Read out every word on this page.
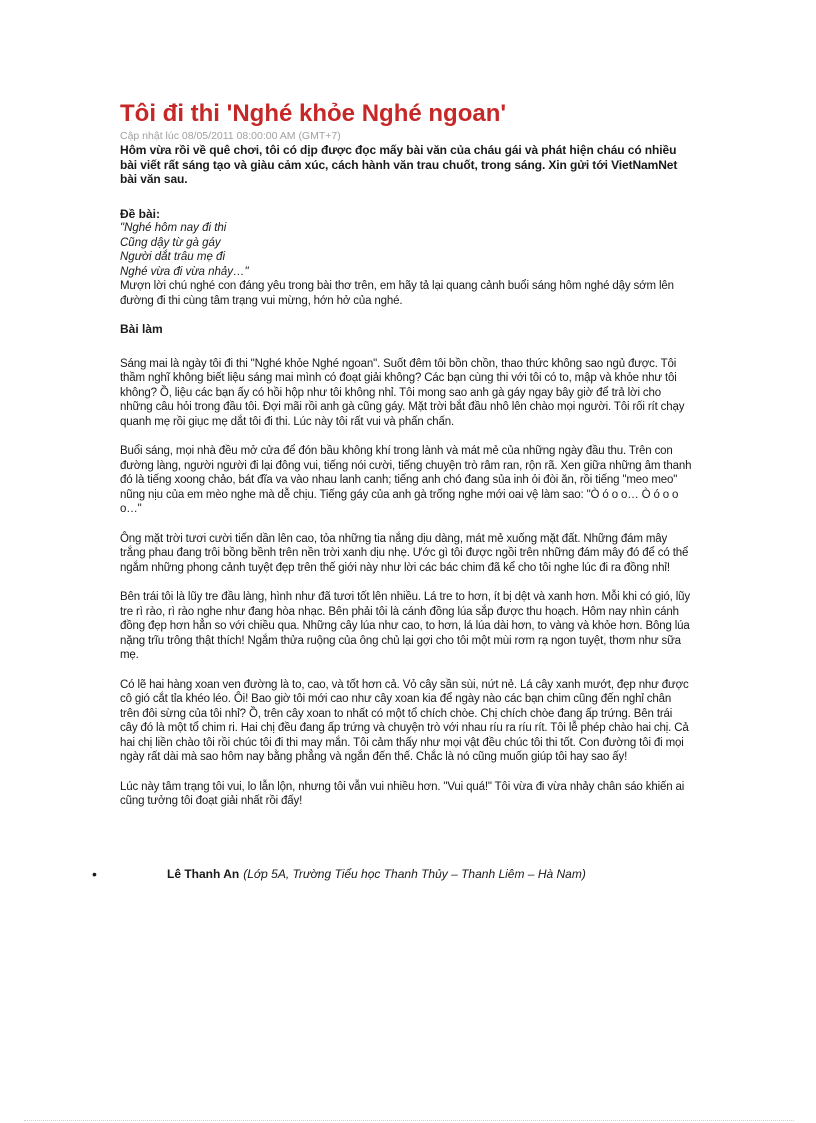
Tôi đi thi 'Nghé khỏe Nghé ngoan'

Cập nhật lúc 08/05/2011 08:00:00 AM (GMT+7)

Hôm vừa rồi về quê chơi, tôi có dịp được đọc mấy bài văn của cháu gái và phát hiện cháu có nhiều bài viết rất sáng tạo và giàu cảm xúc, cách hành văn trau chuốt, trong sáng. Xin gửi tới VietNamNet bài văn sau.

Đề bài:

"Nghé hôm nay đi thi

Cũng dậy từ gà gáy

Người dắt trâu mẹ đi

Nghé vừa đi vừa nhảy…"

Mượn lời chú nghé con đáng yêu trong bài thơ trên, em hãy tả lại quang cảnh buổi sáng hôm nghé dậy sớm lên đường đi thi cùng tâm trạng vui mừng, hớn hở của nghé.

Bài làm

Sáng mai là ngày tôi đi thi "Nghé khỏe Nghé ngoan". Suốt đêm tôi bồn chồn, thao thức không sao ngủ được. Tôi thầm nghĩ không biết liệu sáng mai mình có đoạt giải không? Các bạn cùng thi với tôi có to, mập và khỏe như tôi không? Ồ, liệu các bạn ấy có hồi hộp như tôi không nhỉ. Tôi mong sao anh gà gáy ngay bây giờ để trả lời cho những câu hỏi trong đầu tôi. Đợi mãi rồi anh gà cũng gáy. Mặt trời bắt đầu nhô lên chào mọi người. Tôi rối rít chạy quanh mẹ rồi giục mẹ dắt tôi đi thi. Lúc này tôi rất vui và phấn chấn.

Buổi sáng, mọi nhà đều mở cửa để đón bầu không khí trong lành và mát mẻ của những ngày đầu thu. Trên con đường làng, người người đi lại đông vui, tiếng nói cười, tiếng chuyện trò râm ran, rộn rã. Xen giữa những âm thanh đó là tiếng xoong chảo, bát đĩa va vào nhau lanh canh; tiếng anh chó đang sủa inh ỏi đòi ăn, rồi tiếng "meo meo" nũng nịu của em mèo nghe mà dễ chịu. Tiếng gáy của anh gà trống nghe mới oai vệ làm sao: "Ò ó o o… Ò ó o o o…"

Ông mặt trời tươi cười tiến dần lên cao, tỏa những tia nắng dịu dàng, mát mẻ xuống mặt đất. Những đám mây trắng phau đang trôi bồng bềnh trên nền trời xanh dịu nhẹ. Ước gì tôi được ngồi trên những đám mây đó để có thể ngắm những phong cảnh tuyệt đẹp trên thế giới này như lời các bác chim đã kể cho tôi nghe lúc đi ra đồng nhỉ!

Bên trái tôi là lũy tre đầu làng, hình như đã tươi tốt lên nhiều. Lá tre to hơn, ít bị dệt và xanh hơn. Mỗi khi có gió, lũy tre rì rào, rì rào nghe như đang hòa nhạc. Bên phải tôi là cánh đồng lúa sắp được thu hoạch. Hôm nay nhìn cánh đồng đẹp hơn hẳn so với chiều qua. Những cây lúa như cao, to hơn, lá lúa dài hơn, to vàng và khỏe hơn. Bông lúa nặng trĩu trông thật thích! Ngắm thửa ruộng của ông chủ lại gợi cho tôi một mùi rơm rạ ngon tuyệt, thơm như sữa mẹ.

Có lẽ hai hàng xoan ven đường là to, cao, và tốt hơn cả. Vỏ cây sần sùi, nứt nẻ. Lá cây xanh mướt, đẹp như được cô gió cắt tỉa khéo léo. Ôi! Bao giờ tôi mới cao như cây xoan kia để ngày nào các bạn chim cũng đến nghỉ chân trên đôi sừng của tôi nhỉ? Ồ, trên cây xoan to nhất có một tổ chích chòe. Chị chích chòe đang ấp trứng. Bên trái cây đó là một tổ chim ri. Hai chị đều đang ấp trứng và chuyện trò với nhau ríu ra ríu rít. Tôi lễ phép chào hai chị. Cả hai chị liền chào tôi rồi chúc tôi đi thi may mắn. Tôi cảm thấy như mọi vật đều chúc tôi thi tốt. Con đường tôi đi mọi ngày rất dài mà sao hôm nay bằng phẳng và ngắn đến thế. Chắc là nó cũng muốn giúp tôi hay sao ấy!

Lúc này tâm trạng tôi vui, lo lẫn lộn, nhưng tôi vẫn vui nhiều hơn. "Vui quá!" Tôi vừa đi vừa nhảy chân sáo khiến ai cũng tưởng tôi đoạt giải nhất rồi đấy!

•	Lê Thanh An (Lớp 5A, Trường Tiểu học Thanh Thủy – Thanh Liêm – Hà Nam)
